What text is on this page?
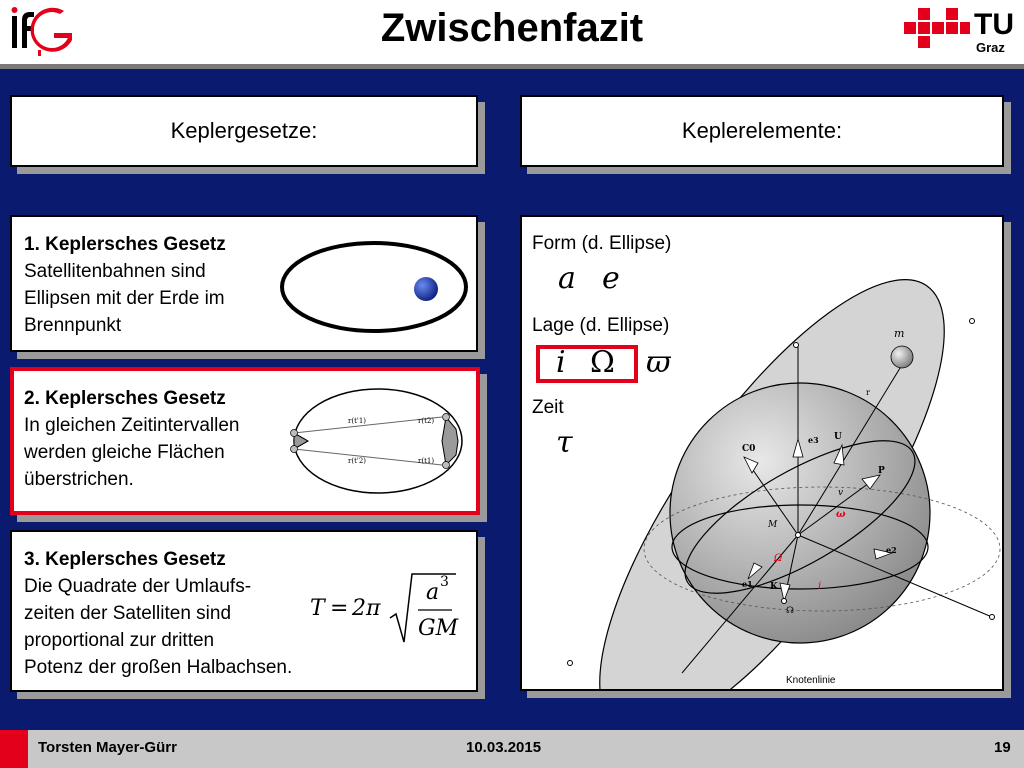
Zwischenfazit	TU
Graz
Keplergesetze:	Keplerelemente:
1. Keplersches Gesetz
Satellitenbahnen sind
Ellipsen mit der Erde im
Brennpunkt
2. Keplersches Gesetz
In gleichen Zeitintervallen
werden gleiche Flächen
überstrichen.
r(t'1)
r(t'2)
r(t2)
r(t1)
3. Keplersches Gesetz
Die Quadrate der Umlaufs-
zeiten der Satelliten sind
proportional zur dritten
Potenz der großen Halbachsen.
T = 2π
a 3
GM
m
r
e3 U
C0
P
v
ω
M
Ω
e2
e1 K	i
☊
Knotenlinie
Form (d. Ellipse)
a e
Lage (d. Ellipse)
i Ω ϖ
Zeit
τ
Torsten Mayer-Gürr	10.03.2015	19
